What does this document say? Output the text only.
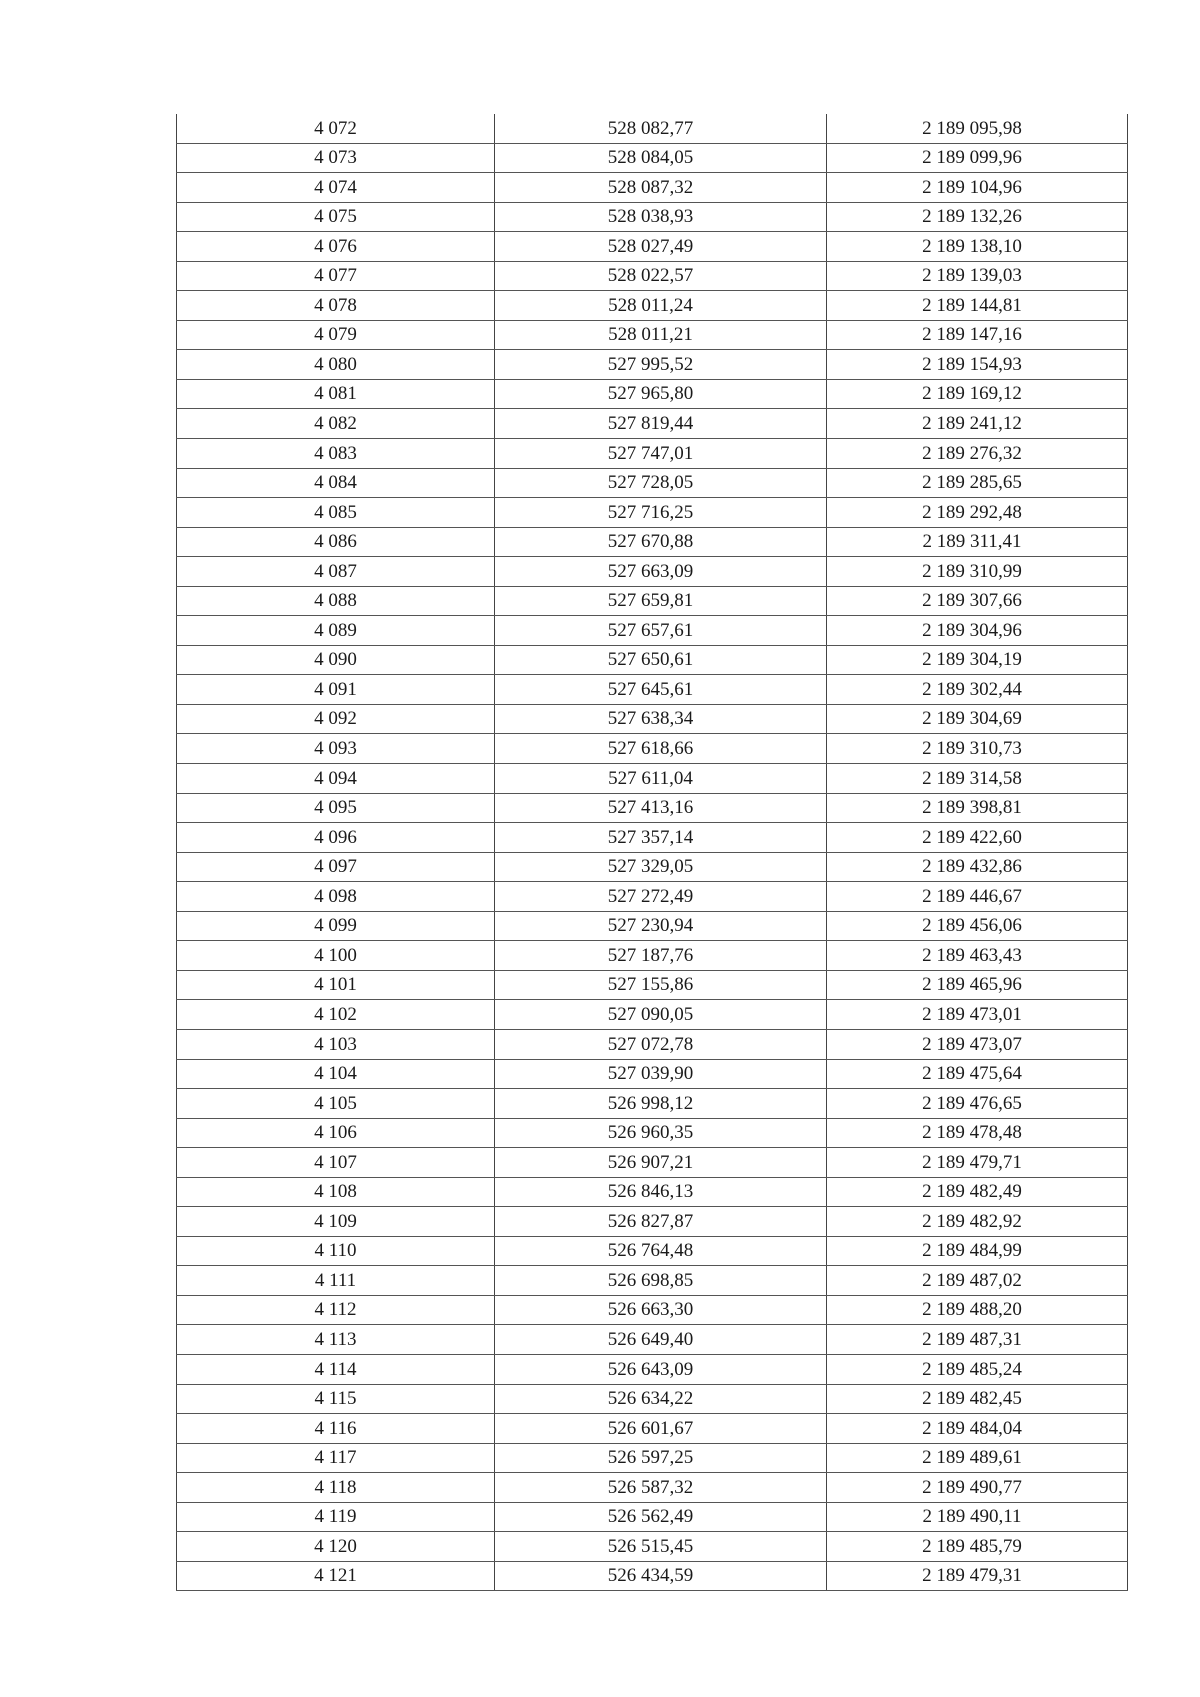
4 072	528 082,77	2 189 095,98
4 073	528 084,05	2 189 099,96
4 074	528 087,32	2 189 104,96
4 075	528 038,93	2 189 132,26
4 076	528 027,49	2 189 138,10
4 077	528 022,57	2 189 139,03
4 078	528 011,24	2 189 144,81
4 079	528 011,21	2 189 147,16
4 080	527 995,52	2 189 154,93
4 081	527 965,80	2 189 169,12
4 082	527 819,44	2 189 241,12
4 083	527 747,01	2 189 276,32
4 084	527 728,05	2 189 285,65
4 085	527 716,25	2 189 292,48
4 086	527 670,88	2 189 311,41
4 087	527 663,09	2 189 310,99
4 088	527 659,81	2 189 307,66
4 089	527 657,61	2 189 304,96
4 090	527 650,61	2 189 304,19
4 091	527 645,61	2 189 302,44
4 092	527 638,34	2 189 304,69
4 093	527 618,66	2 189 310,73
4 094	527 611,04	2 189 314,58
4 095	527 413,16	2 189 398,81
4 096	527 357,14	2 189 422,60
4 097	527 329,05	2 189 432,86
4 098	527 272,49	2 189 446,67
4 099	527 230,94	2 189 456,06
4 100	527 187,76	2 189 463,43
4 101	527 155,86	2 189 465,96
4 102	527 090,05	2 189 473,01
4 103	527 072,78	2 189 473,07
4 104	527 039,90	2 189 475,64
4 105	526 998,12	2 189 476,65
4 106	526 960,35	2 189 478,48
4 107	526 907,21	2 189 479,71
4 108	526 846,13	2 189 482,49
4 109	526 827,87	2 189 482,92
4 110	526 764,48	2 189 484,99
4 111	526 698,85	2 189 487,02
4 112	526 663,30	2 189 488,20
4 113	526 649,40	2 189 487,31
4 114	526 643,09	2 189 485,24
4 115	526 634,22	2 189 482,45
4 116	526 601,67	2 189 484,04
4 117	526 597,25	2 189 489,61
4 118	526 587,32	2 189 490,77
4 119	526 562,49	2 189 490,11
4 120	526 515,45	2 189 485,79
4 121	526 434,59	2 189 479,31
